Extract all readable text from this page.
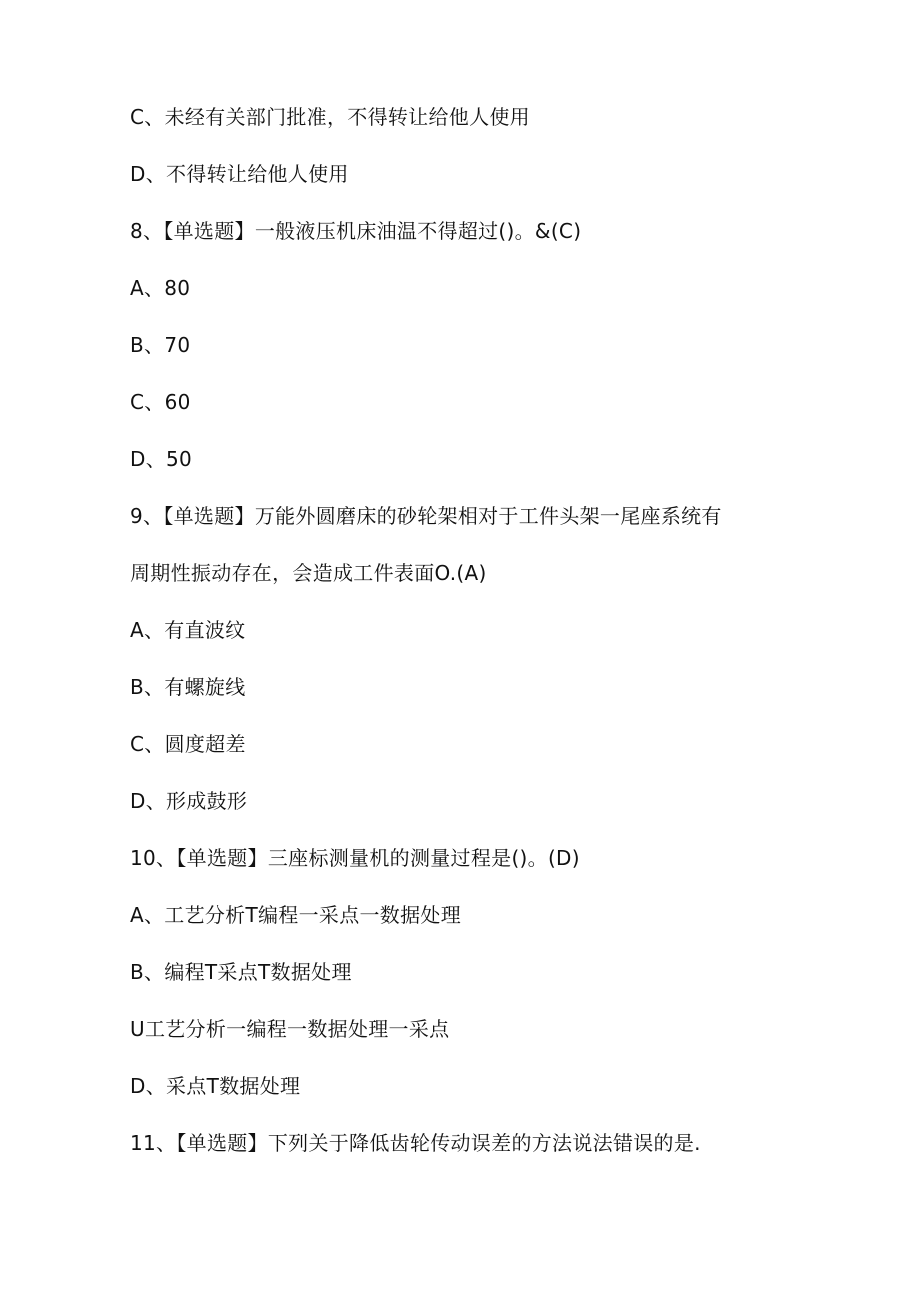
C、未经有关部门批准，不得转让给他人使用
D、不得转让给他人使用
8、【单选题】一般液压机床油温不得超过()。&(C)
A、80
B、70
C、60
D、50
9、【单选题】万能外圆磨床的砂轮架相对于工件头架一尾座系统有
周期性振动存在，会造成工件表面O.(A)
A、有直波纹
B、有螺旋线
C、圆度超差
D、形成鼓形
10、【单选题】三座标测量机的测量过程是()。(D)
A、工艺分析T编程一采点一数据处理
B、编程T采点T数据处理
U工艺分析一编程一数据处理一采点
D、采点T数据处理
11、【单选题】下列关于降低齿轮传动误差的方法说法错误的是.
